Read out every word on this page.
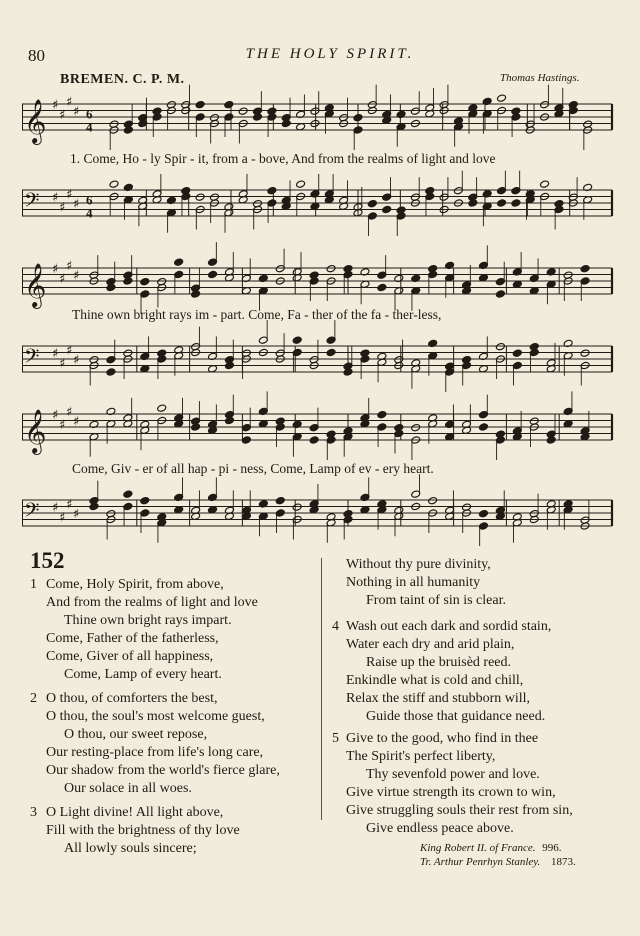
80	THE HOLY SPIRIT.
BREMEN. C. P. M.	Thomas Hastings.
𝄞 ♯
♯
♯
♯ 6
4
1. Come, Ho - ly Spir - it, from a - bove, And from the realms of light and love
𝄢 ♯
♯
♯
♯ 6
4
𝄞 ♯
♯
♯
♯
Thine own bright rays im - part. Come, Fa - ther of the fa - ther-less,
𝄢 ♯
♯
♯
♯
𝄞 ♯
♯
♯
♯
Come, Giv - er of all hap - pi - ness, Come, Lamp of ev - ery heart.
𝄢 ♯
♯
♯
♯
152
1 Come, Holy Spirit, from above,
And from the realms of light and love
Thine own bright rays impart.
Come, Father of the fatherless,
Come, Giver of all happiness,
Come, Lamp of every heart.
2 O thou, of comforters the best,
O thou, the soul's most welcome guest,
O thou, our sweet repose,
Our resting-place from life's long care,
Our shadow from the world's fierce glare,
Our solace in all woes.
3 O Light divine! All light above,
Fill with the brightness of thy love
All lowly souls sincere;
Without thy pure divinity,
Nothing in all humanity
From taint of sin is clear.
4 Wash out each dark and sordid stain,
Water each dry and arid plain,
Raise up the bruisèd reed.
Enkindle what is cold and chill,
Relax the stiff and stubborn will,
Guide those that guidance need.
5 Give to the good, who find in thee
The Spirit's perfect liberty,
Thy sevenfold power and love.
Give virtue strength its crown to win,
Give struggling souls their rest from sin,
Give endless peace above.
King Robert II. of France. 996.
Tr. Arthur Penrhyn Stanley. 1873.
